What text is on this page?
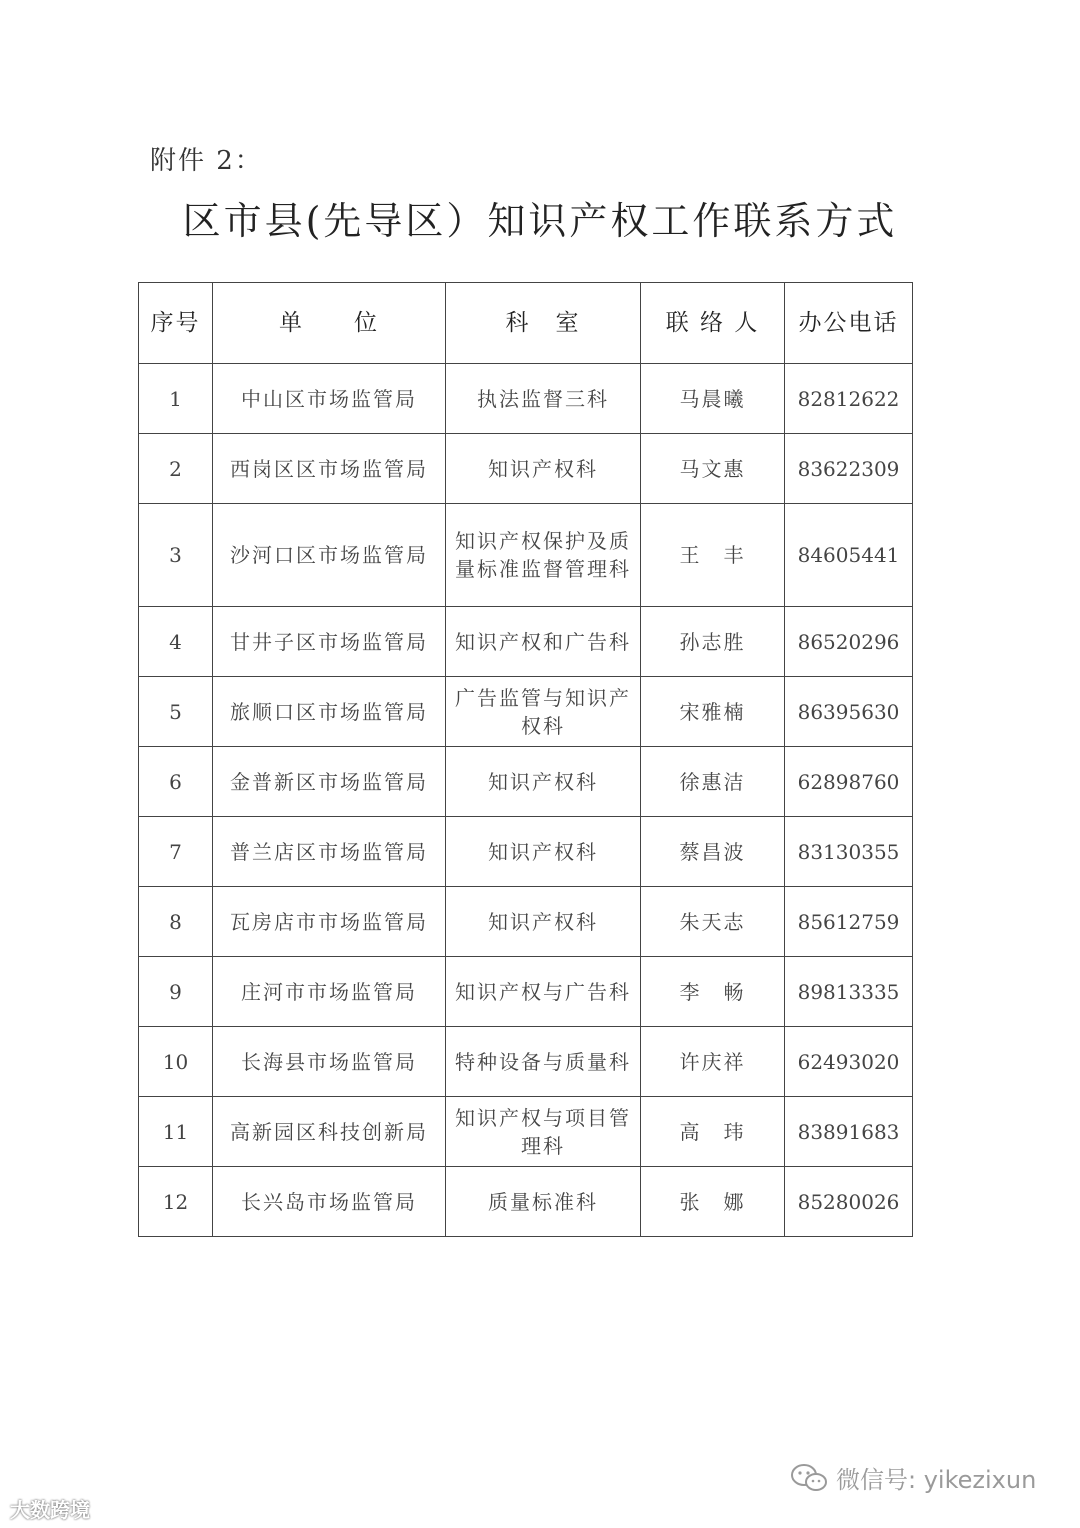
附件 2：
区市县(先导区）知识产权工作联系方式
序号	单　　位	科　室	联 络 人	办公电话
1	中山区市场监管局	执法监督三科	马晨曦	82812622
2	西岗区区市场监管局	知识产权科	马文惠	83622309
3	沙河口区市场监管局	知识产权保护及质量标准监督管理科	王　丰	84605441
4	甘井子区市场监管局	知识产权和广告科	孙志胜	86520296
5	旅顺口区市场监管局	广告监管与知识产权科	宋雅楠	86395630
6	金普新区市场监管局	知识产权科	徐惠洁	62898760
7	普兰店区市场监管局	知识产权科	蔡昌波	83130355
8	瓦房店市市场监管局	知识产权科	朱天志	85612759
9	庄河市市场监管局	知识产权与广告科	李　畅	89813335
10	长海县市场监管局	特种设备与质量科	许庆祥	62493020
11	高新园区科技创新局	知识产权与项目管理科	高　玮	83891683
12	长兴岛市场监管局	质量标准科	张　娜	85280026
微信号: yikezixun
大数跨境
